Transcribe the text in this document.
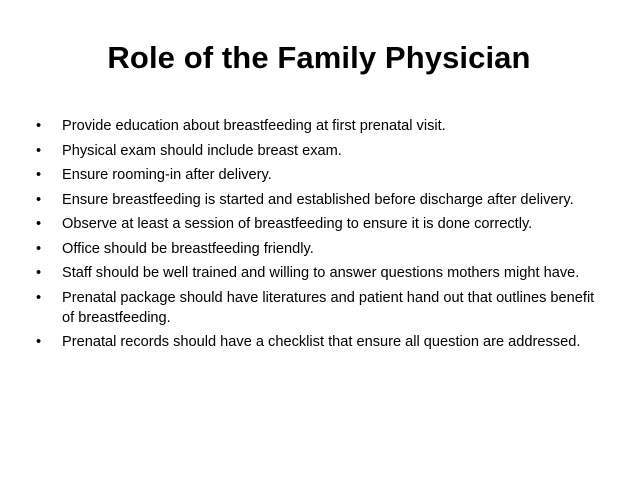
Role of the Family Physician
•	Provide education about breastfeeding at first prenatal visit.
•	Physical exam should include breast exam.
•	Ensure rooming-in after delivery.
•	Ensure breastfeeding is started and established before discharge after delivery.
•	Observe at least a session of breastfeeding to ensure it is done correctly.
•	Office should be breastfeeding friendly.
•	Staff should be well trained and willing to answer questions mothers might have.
•	Prenatal package should have literatures and patient hand out that outlines benefit of breastfeeding.
•	Prenatal records should have a checklist that ensure all question are addressed.
